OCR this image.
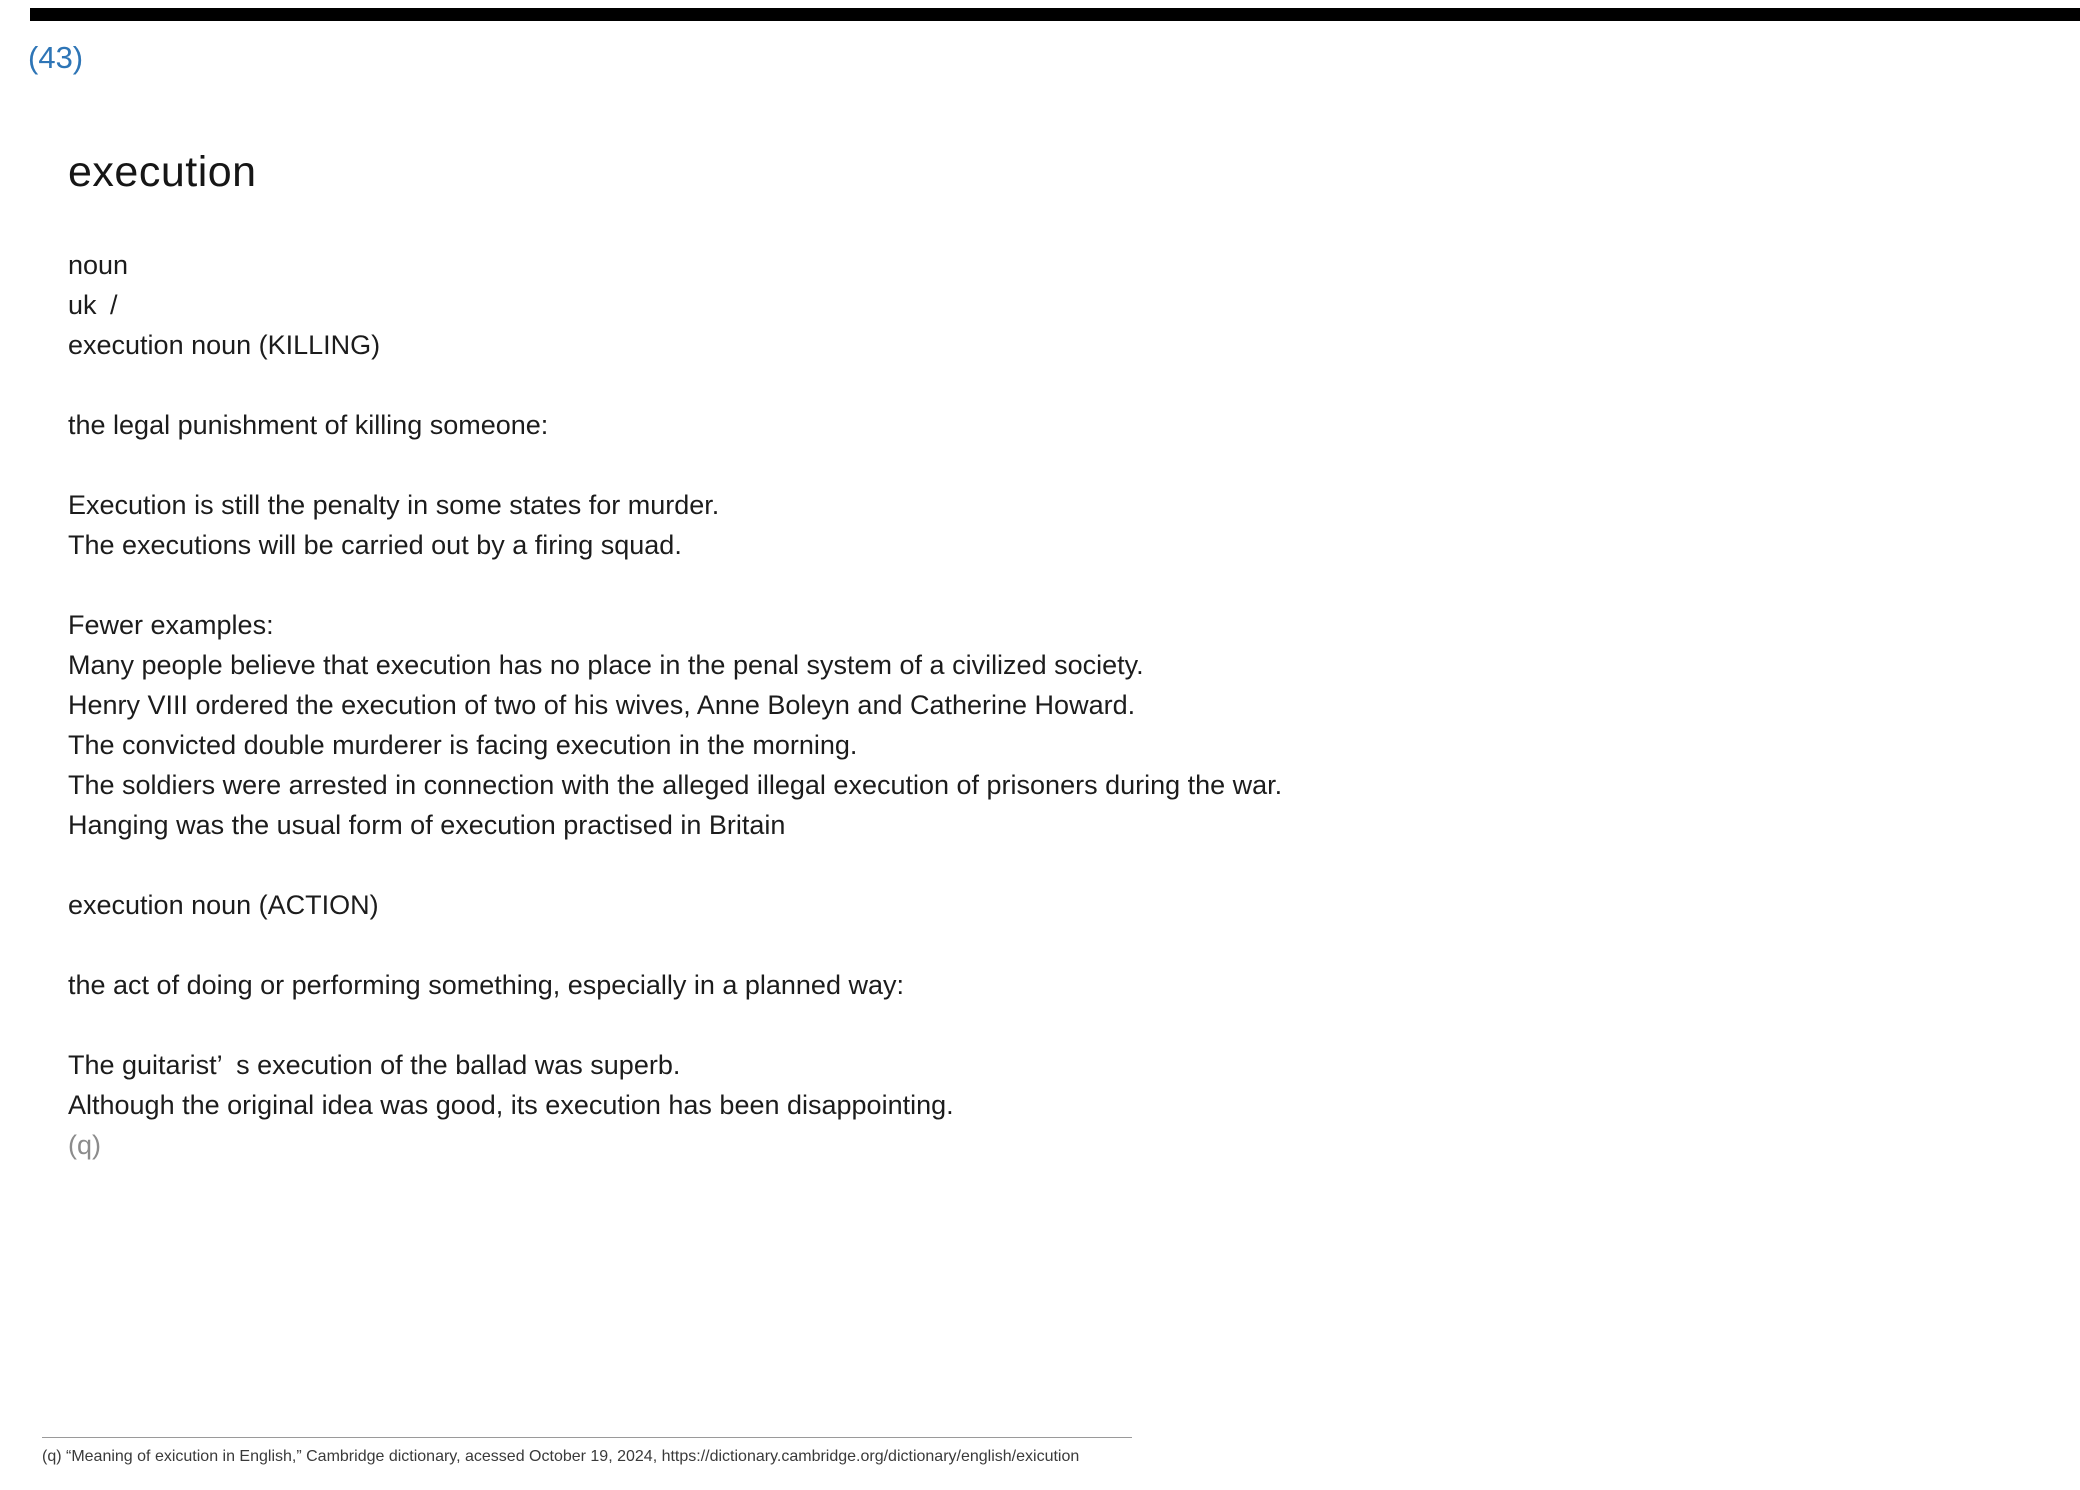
(43)
execution

noun

uk /

execution noun (KILLING)

the legal punishment of killing someone:

Execution is still the penalty in some states for murder.

The executions will be carried out by a firing squad.

Fewer examples:

Many people believe that execution has no place in the penal system of a civilized society.

Henry VIII ordered the execution of two of his wives, Anne Boleyn and Catherine Howard.

The convicted double murderer is facing execution in the morning.

The soldiers were arrested in connection with the alleged illegal execution of prisoners during the war.

Hanging was the usual form of execution practised in Britain

execution noun (ACTION)

the act of doing or performing something, especially in a planned way:

The guitarist’ s execution of the ballad was superb.

Although the original idea was good, its execution has been disappointing.

(q)

(q) “Meaning of exicution in English,” Cambridge dictionary, acessed October 19, 2024, https://dictionary.cambridge.org/dictionary/english/exicution
